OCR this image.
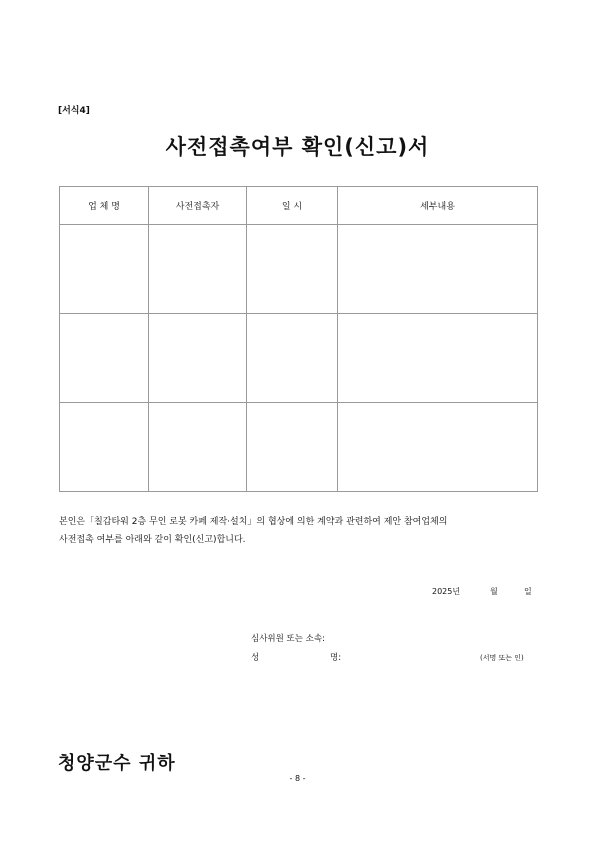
[서식4]
사전접촉여부 확인(신고)서
업 체 명	사전접촉자	일 시	세부내용

본인은「칠갑타워 2층 무인 로봇 카페 제작·설치」의 협상에 의한 계약과 관련하여 제안 참여업체의
사전접촉 여부를 아래와 같이 확인(신고)합니다.
2025년	월	일
심사위원 또는 소속:
성	명:	(서명 또는 인)
청양군수 귀하
- 8 -
